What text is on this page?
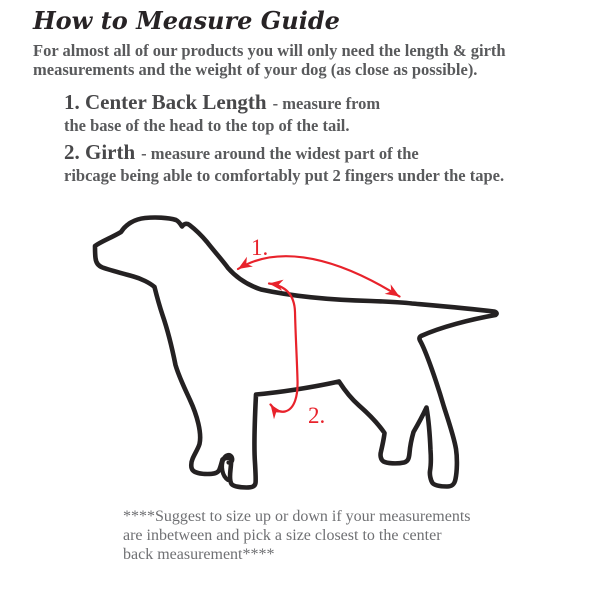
How to Measure Guide
For almost all of our products you will only need the length & girth
measurements and the weight of your dog (as close as possible).
1. Center Back Length - measure from
the base of the head to the top of the tail.
2. Girth - measure around the widest part of the
ribcage being able to comfortably put 2 fingers under the tape.
1.
2.
****Suggest to size up or down if your measurements
are inbetween and pick a size closest to the center
back measurement****
